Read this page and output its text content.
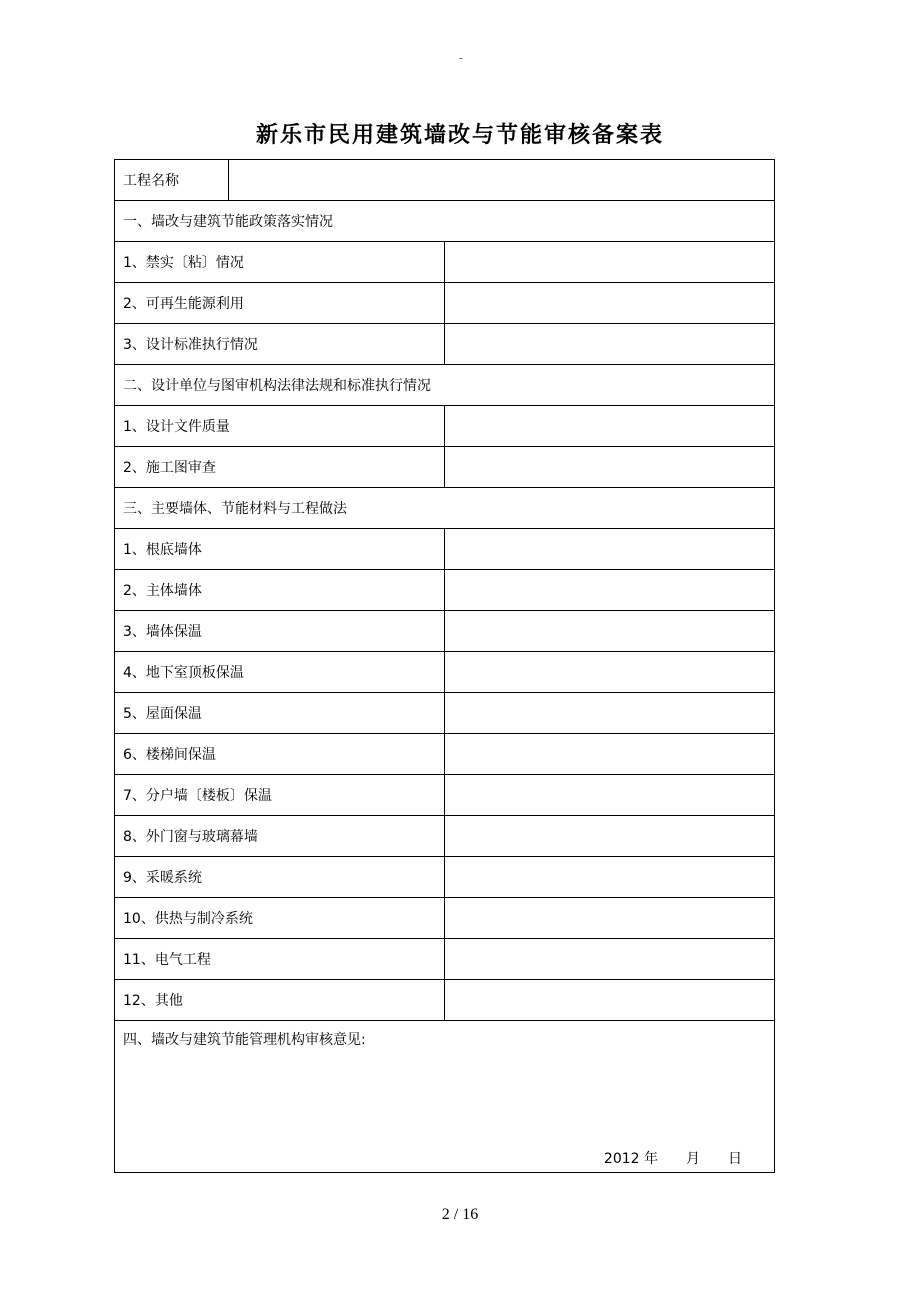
-
新乐市民用建筑墙改与节能审核备案表
工程名称		
一、墙改与建筑节能政策落实情况		
1、禁实〔粘〕情况		
2、可再生能源利用		
3、设计标准执行情况		
二、设计单位与图审机构法律法规和标准执行情况		
1、设计文件质量		
2、施工图审查		
三、主要墙体、节能材料与工程做法		
1、根底墙体		
2、主体墙体		
3、墙体保温		
4、地下室顶板保温		
5、屋面保温		
6、楼梯间保温		
7、分户墙〔楼板〕保温		
8、外门窗与玻璃幕墙		
9、采暖系统		
10、供热与制冷系统		
11、电气工程		
12、其他		
四、墙改与建筑节能管理机构审核意见:
2012 年 月 日		
2 / 16
